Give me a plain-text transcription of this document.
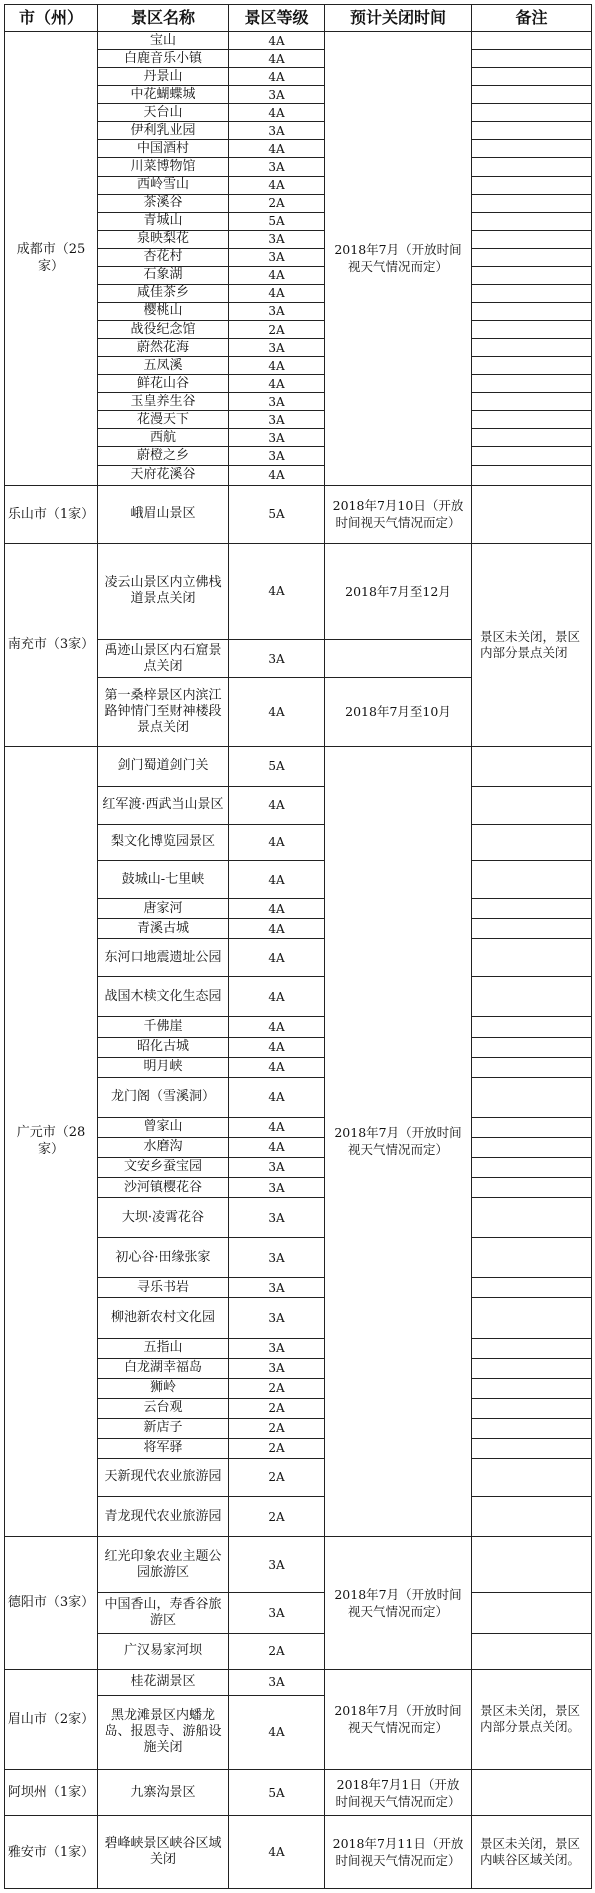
市（州）	景区名称	景区等级	预计关闭时间	备注
成都市（25家）	宝山	4A	2018年7月（开放时间视天气情况而定）	
	白鹿音乐小镇	4A		
	丹景山	4A		
	中花蝴蝶城	3A		
	天台山	4A		
	伊利乳业园	3A		
	中国酒村	4A		
	川菜博物馆	3A		
	西岭雪山	4A		
	茶溪谷	2A		
	青城山	5A		
	泉映梨花	3A		
	杏花村	3A		
	石象湖	4A		
	咸佳茶乡	4A		
	樱桃山	3A		
	战役纪念馆	2A		
	蔚然花海	3A		
	五凤溪	4A		
	鲜花山谷	4A		
	玉皇养生谷	3A		
	花漫天下	3A		
	西航	3A		
	蔚橙之乡	3A		
	天府花溪谷	4A		
乐山市（1家）	峨眉山景区	5A	2018年7月10日（开放时间视天气情况而定）	
南充市（3家）	凌云山景区内立佛栈道景点关闭	4A	2018年7月至12月	景区未关闭，景区内部分景点关闭
	禹迹山景区内石窟景点关闭	3A		
	第一桑梓景区内滨江路钟情门至财神楼段景点关闭	4A	2018年7月至10月	
广元市（28家）	剑门蜀道剑门关	5A	2018年7月（开放时间视天气情况而定）	
	红军渡·西武当山景区	4A		
	梨文化博览园景区	4A		
	鼓城山-七里峡	4A		
	唐家河	4A		
	青溪古城	4A		
	东河口地震遗址公园	4A		
	战国木椟文化生态园	4A		
	千佛崖	4A		
	昭化古城	4A		
	明月峡	4A		
	龙门阁（雪溪洞）	4A		
	曾家山	4A		
	水磨沟	4A		
	文安乡蚕宝园	3A		
	沙河镇樱花谷	3A		
	大坝·凌霄花谷	3A		
	初心谷·田缘张家	3A		
	寻乐书岩	3A		
	柳池新农村文化园	3A		
	五指山	3A		
	白龙湖幸福岛	3A		
	狮岭	2A		
	云台观	2A		
	新店子	2A		
	将军驿	2A		
	天新现代农业旅游园	2A		
	青龙现代农业旅游园	2A		
德阳市（3家）	红光印象农业主题公园旅游区	3A	2018年7月（开放时间视天气情况而定）	
	中国香山，寿香谷旅游区	3A		
	广汉易家河坝	2A		
眉山市（2家）	桂花湖景区	3A	2018年7月（开放时间视天气情况而定）	景区未关闭，景区内部分景点关闭。
	黑龙滩景区内蟠龙岛、报恩寺、游船设施关闭	4A		
阿坝州（1家）	九寨沟景区	5A	2018年7月1日（开放时间视天气情况而定）	
雅安市（1家）	碧峰峡景区峡谷区域关闭	4A	2018年7月11日（开放时间视天气情况而定）	景区未关闭，景区内峡谷区域关闭。
